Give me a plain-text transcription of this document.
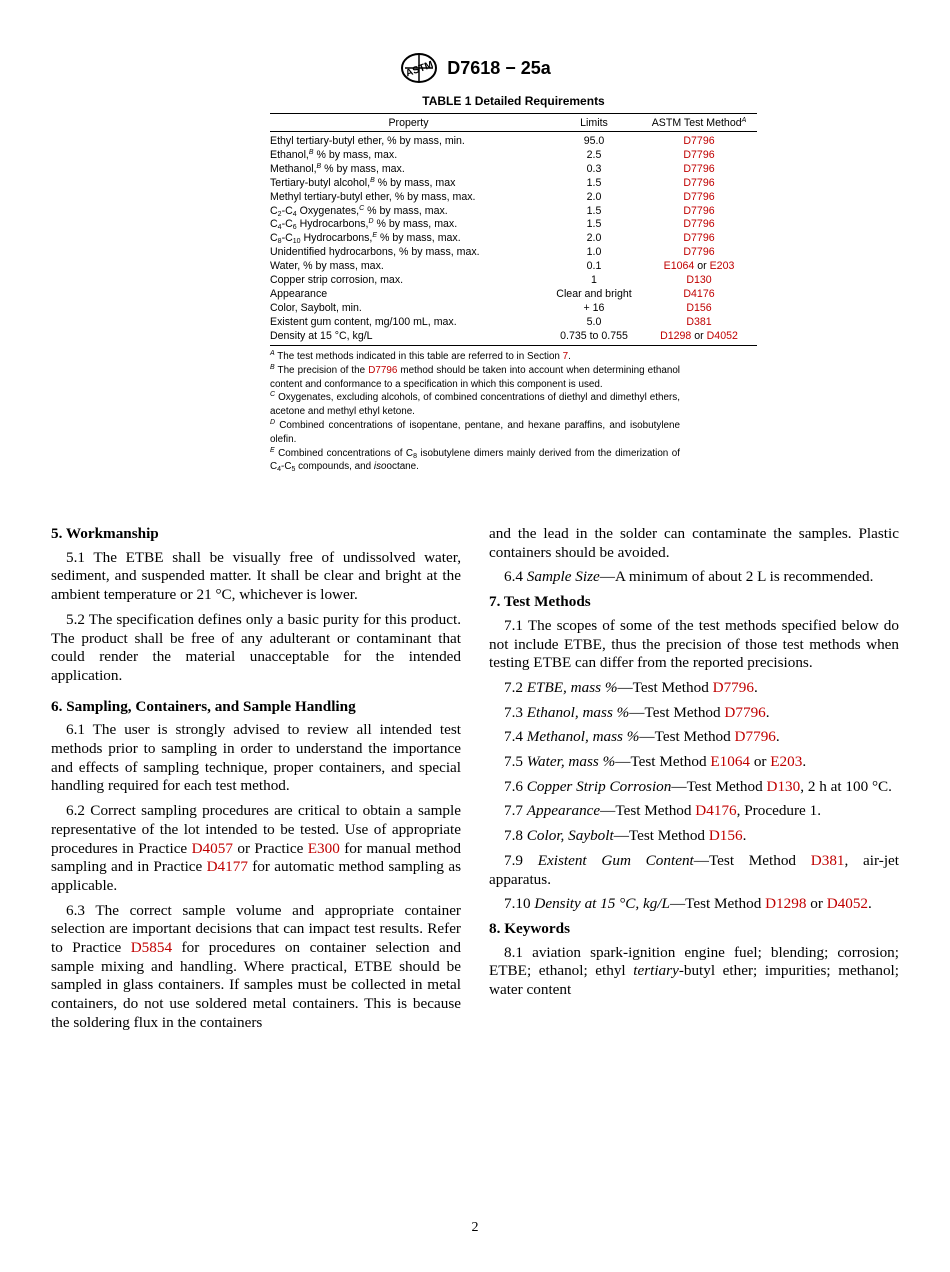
ASTM D7618 − 25a
TABLE 1 Detailed Requirements
Property	Limits	ASTM Test Method$^A$
Ethyl tertiary-butyl ether, % by mass, min.	95.0	D7796
Ethanol,$^B$ % by mass, max.	2.5	D7796
Methanol,$^B$ % by mass, max.	0.3	D7796
Tertiary-butyl alcohol,$^B$ % by mass, max	1.5	D7796
Methyl tertiary-butyl ether, % by mass, max.	2.0	D7796
$C_2-C_4$ Oxygenates,$^C$ % by mass, max.	1.5	D7796
$C_4-C_6$ Hydrocarbons,$^D$ % by mass, max.	1.5	D7796
$C_8-C_{10}$ Hydrocarbons,$^E$ % by mass, max.	2.0	D7796
Unidentified hydrocarbons, % by mass, max.	1.0	D7796
Water, % by mass, max.	0.1	E1064 or E203
Copper strip corrosion, max.	1	D130
Appearance	Clear and bright	D4176
Color, Saybolt, min.	+ 16	D156
Existent gum content, mg/100 mL, max.	5.0	D381
Density at 15 °C, kg/L	0.735 to 0.755	D1298 or D4052

$^A$ The test methods indicated in this table are referred to in Section 7.

$^B$ The precision of the D7796 method should be taken into account when determining ethanol content and conformance to a specification in which this component is used.

$^C$ Oxygenates, excluding alcohols, of combined concentrations of diethyl and dimethyl ethers, acetone and methyl ethyl ketone.

$^D$ Combined concentrations of isopentane, pentane, and hexane paraffins, and isobutylene olefin.

$^E$ Combined concentrations of $C_8$ isobutylene dimers mainly derived from the dimerization of $C_4-C_5$ compounds, and isooctane.

5. Workmanship

5.1 The ETBE shall be visually free of undissolved water, sediment, and suspended matter. It shall be clear and bright at the ambient temperature or 21 °C, whichever is lower.

5.2 The specification defines only a basic purity for this product. The product shall be free of any adulterant or contaminant that could render the material unacceptable for the intended application.

6. Sampling, Containers, and Sample Handling

6.1 The user is strongly advised to review all intended test methods prior to sampling in order to understand the importance and effects of sampling technique, proper containers, and special handling required for each test method.

6.2 Correct sampling procedures are critical to obtain a sample representative of the lot intended to be tested. Use of appropriate procedures in Practice D4057 or Practice E300 for manual method sampling and in Practice D4177 for automatic method sampling as applicable.

6.3 The correct sample volume and appropriate container selection are important decisions that can impact test results. Refer to Practice D5854 for procedures on container selection and sample mixing and handling. Where practical, ETBE should be sampled in glass containers. If samples must be collected in metal containers, do not use soldered metal containers. This is because the soldering flux in the containers

and the lead in the solder can contaminate the samples. Plastic containers should be avoided.

6.4 Sample Size—A minimum of about 2 L is recommended.

7. Test Methods

7.1 The scopes of some of the test methods specified below do not include ETBE, thus the precision of those test methods when testing ETBE can differ from the reported precisions.

7.2 ETBE, mass %—Test Method D7796.

7.3 Ethanol, mass %—Test Method D7796.

7.4 Methanol, mass %—Test Method D7796.

7.5 Water, mass %—Test Method E1064 or E203.

7.6 Copper Strip Corrosion—Test Method D130, 2 h at 100 °C.

7.7 Appearance—Test Method D4176, Procedure 1.

7.8 Color, Saybolt—Test Method D156.

7.9 Existent Gum Content—Test Method D381, air-jet apparatus.

7.10 Density at 15 °C, kg/L—Test Method D1298 or D4052.

8. Keywords

8.1 aviation spark-ignition engine fuel; blending; corrosion; ETBE; ethanol; ethyl tertiary-butyl ether; impurities; methanol; water content

2
